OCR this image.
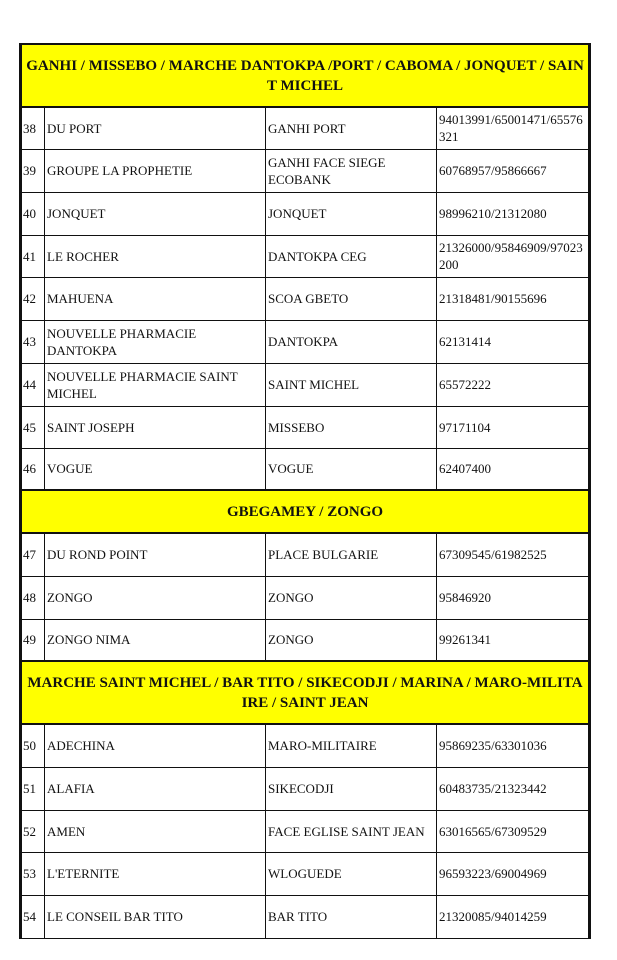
GANHI / MISSEBO / MARCHE DANTOKPA /PORT / CABOMA / JONQUET / SAINT MICHEL			
38	DU PORT	GANHI PORT	94013991/65001471/65576321
39	GROUPE LA PROPHETIE	GANHI FACE SIEGE ECOBANK	60768957/95866667
40	JONQUET	JONQUET	98996210/21312080
41	LE ROCHER	DANTOKPA CEG	21326000/95846909/97023200
42	MAHUENA	SCOA GBETO	21318481/90155696
43	NOUVELLE PHARMACIE DANTOKPA	DANTOKPA	62131414
44	NOUVELLE PHARMACIE SAINT MICHEL	SAINT MICHEL	65572222
45	SAINT JOSEPH	MISSEBO	97171104
46	VOGUE	VOGUE	62407400
GBEGAMEY / ZONGO			
47	DU ROND POINT	PLACE BULGARIE	67309545/61982525
48	ZONGO	ZONGO	95846920
49	ZONGO NIMA	ZONGO	99261341
MARCHE SAINT MICHEL / BAR TITO / SIKECODJI / MARINA / MARO-MILITAIRE / SAINT JEAN			
50	ADECHINA	MARO-MILITAIRE	95869235/63301036
51	ALAFIA	SIKECODJI	60483735/21323442
52	AMEN	FACE EGLISE SAINT JEAN	63016565/67309529
53	L'ETERNITE	WLOGUEDE	96593223/69004969
54	LE CONSEIL BAR TITO	BAR TITO	21320085/94014259
